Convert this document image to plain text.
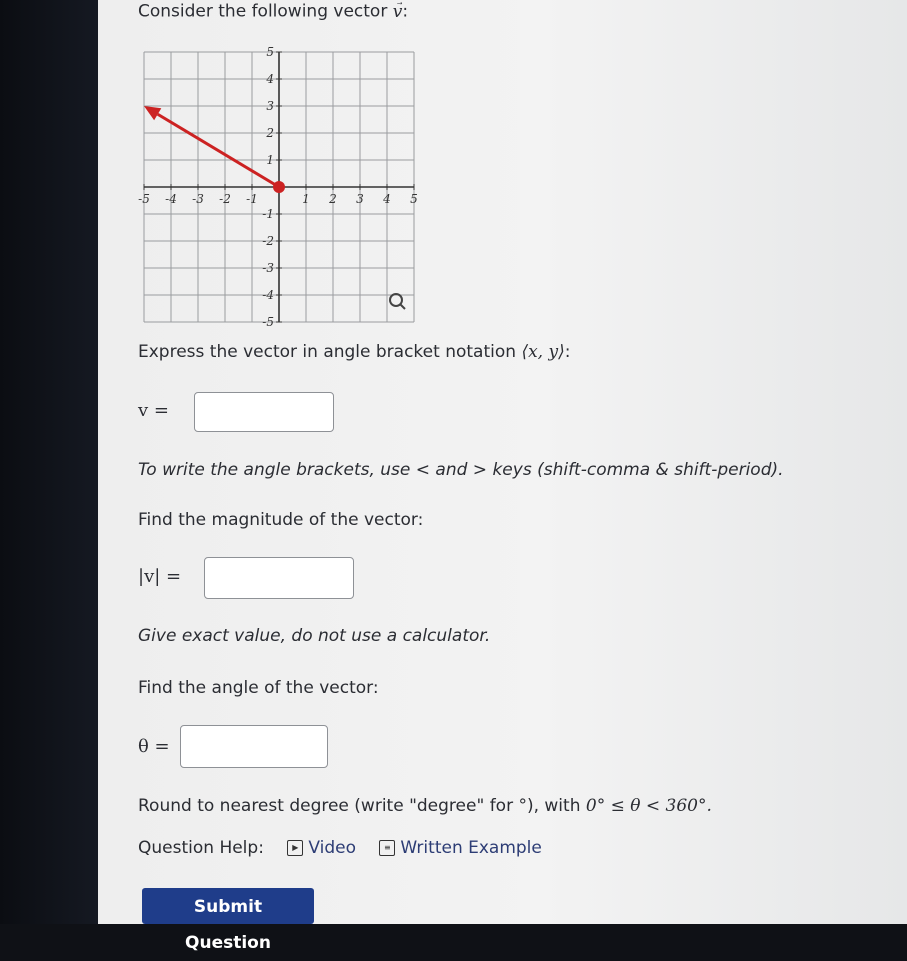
Consider the following vector v:
-5 -4 -3 -2 -1	1 2 3 4 5
5
4
3
2
1
-1
-2
-3
-4
-5
Express the vector in angle bracket notation ⟨x, y⟩:
v =
To write the angle brackets, use < and > keys (shift-comma & shift-period).
Find the magnitude of the vector:
|v| =
Give exact value, do not use a calculator.
Find the angle of the vector:
θ =
Round to nearest degree (write "degree" for °), with 0° ≤ θ < 360°.
Question Help:	▶ Video	≡ Written Example
Submit Question
